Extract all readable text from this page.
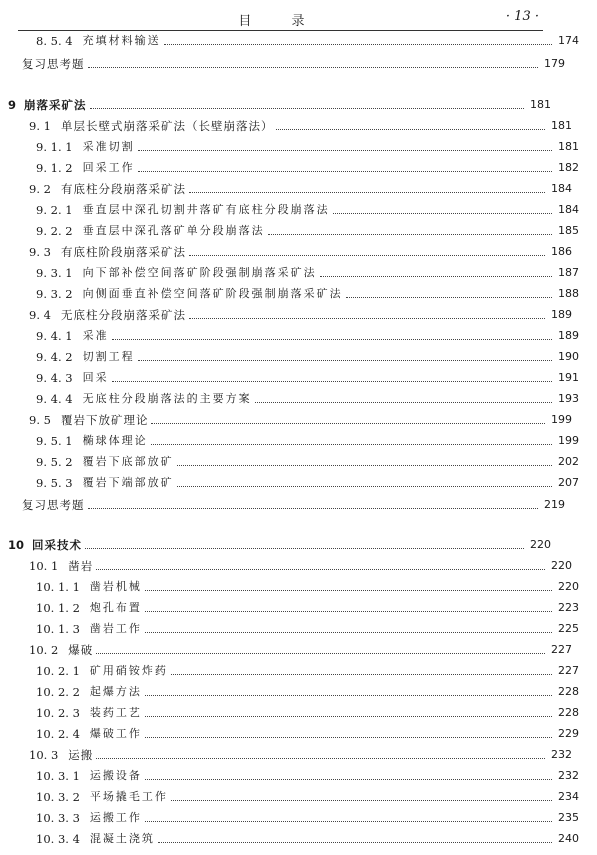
目 录	· 13 ·
8. 5. 4 充填材料输送	174
复习思考题	179
9 崩落采矿法	181
9. 1 单层长壁式崩落采矿法（长壁崩落法）	181
9. 1. 1 采准切割	181
9. 1. 2 回采工作	182
9. 2 有底柱分段崩落采矿法	184
9. 2. 1 垂直层中深孔切割井落矿有底柱分段崩落法	184
9. 2. 2 垂直层中深孔落矿单分段崩落法	185
9. 3 有底柱阶段崩落采矿法	186
9. 3. 1 向下部补偿空间落矿阶段强制崩落采矿法	187
9. 3. 2 向侧面垂直补偿空间落矿阶段强制崩落采矿法	188
9. 4 无底柱分段崩落采矿法	189
9. 4. 1 采准	189
9. 4. 2 切割工程	190
9. 4. 3 回采	191
9. 4. 4 无底柱分段崩落法的主要方案	193
9. 5 覆岩下放矿理论	199
9. 5. 1 椭球体理论	199
9. 5. 2 覆岩下底部放矿	202
9. 5. 3 覆岩下端部放矿	207
复习思考题	219
10 回采技术	220
10. 1 凿岩	220
10. 1. 1 凿岩机械	220
10. 1. 2 炮孔布置	223
10. 1. 3 凿岩工作	225
10. 2 爆破	227
10. 2. 1 矿用硝铵炸药	227
10. 2. 2 起爆方法	228
10. 2. 3 装药工艺	228
10. 2. 4 爆破工作	229
10. 3 运搬	232
10. 3. 1 运搬设备	232
10. 3. 2 平场撬毛工作	234
10. 3. 3 运搬工作	235
10. 3. 4 混凝土浇筑	240
